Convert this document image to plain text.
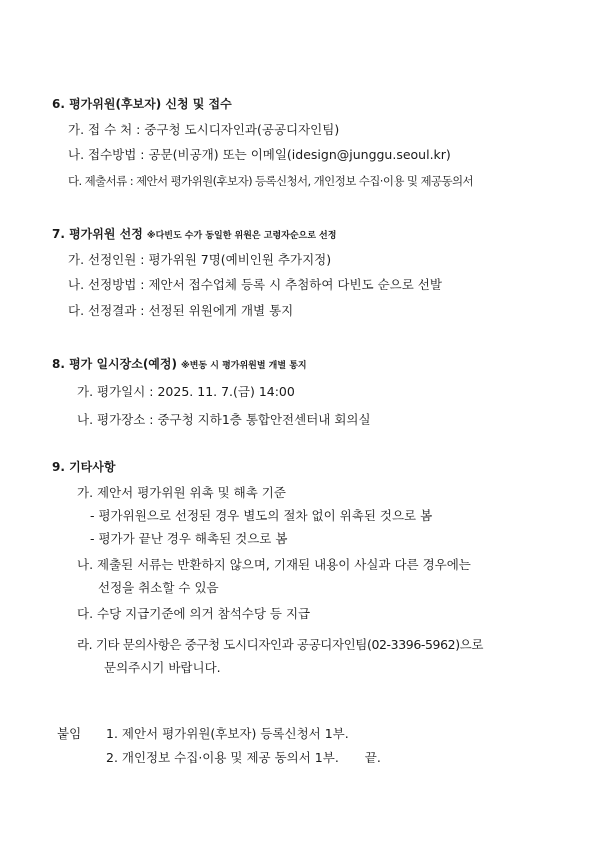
6. 평가위원(후보자) 신청 및 접수
가. 접 수 처 : 중구청 도시디자인과(공공디자인팀)
나. 접수방법 : 공문(비공개) 또는 이메일(idesign@junggu.seoul.kr)
다. 제출서류 : 제안서 평가위원(후보자) 등록신청서, 개인정보 수집·이용 및 제공동의서
7. 평가위원 선정 ※다빈도 수가 동일한 위원은 고령자순으로 선정
가. 선정인원 : 평가위원 7명(예비인원 추가지정)
나. 선정방법 : 제안서 접수업체 등록 시 추첨하여 다빈도 순으로 선발
다. 선정결과 : 선정된 위원에게 개별 통지
8. 평가 일시장소(예정) ※변동 시 평가위원별 개별 통지
가. 평가일시 : 2025. 11. 7.(금) 14:00
나. 평가장소 : 중구청 지하1층 통합안전센터내 회의실
9. 기타사항
가. 제안서 평가위원 위촉 및 해촉 기준
- 평가위원으로 선정된 경우 별도의 절차 없이 위촉된 것으로 봄
- 평가가 끝난 경우 해촉된 것으로 봄
나. 제출된 서류는 반환하지 않으며, 기재된 내용이 사실과 다른 경우에는
선정을 취소할 수 있음
다. 수당 지급기준에 의거 참석수당 등 지급
라. 기타 문의사항은 중구청 도시디자인과 공공디자인팀(02-3396-5962)으로
문의주시기 바랍니다.
붙임 1. 제안서 평가위원(후보자) 등록신청서 1부.
2. 개인정보 수집·이용 및 제공 동의서 1부. 끝.
